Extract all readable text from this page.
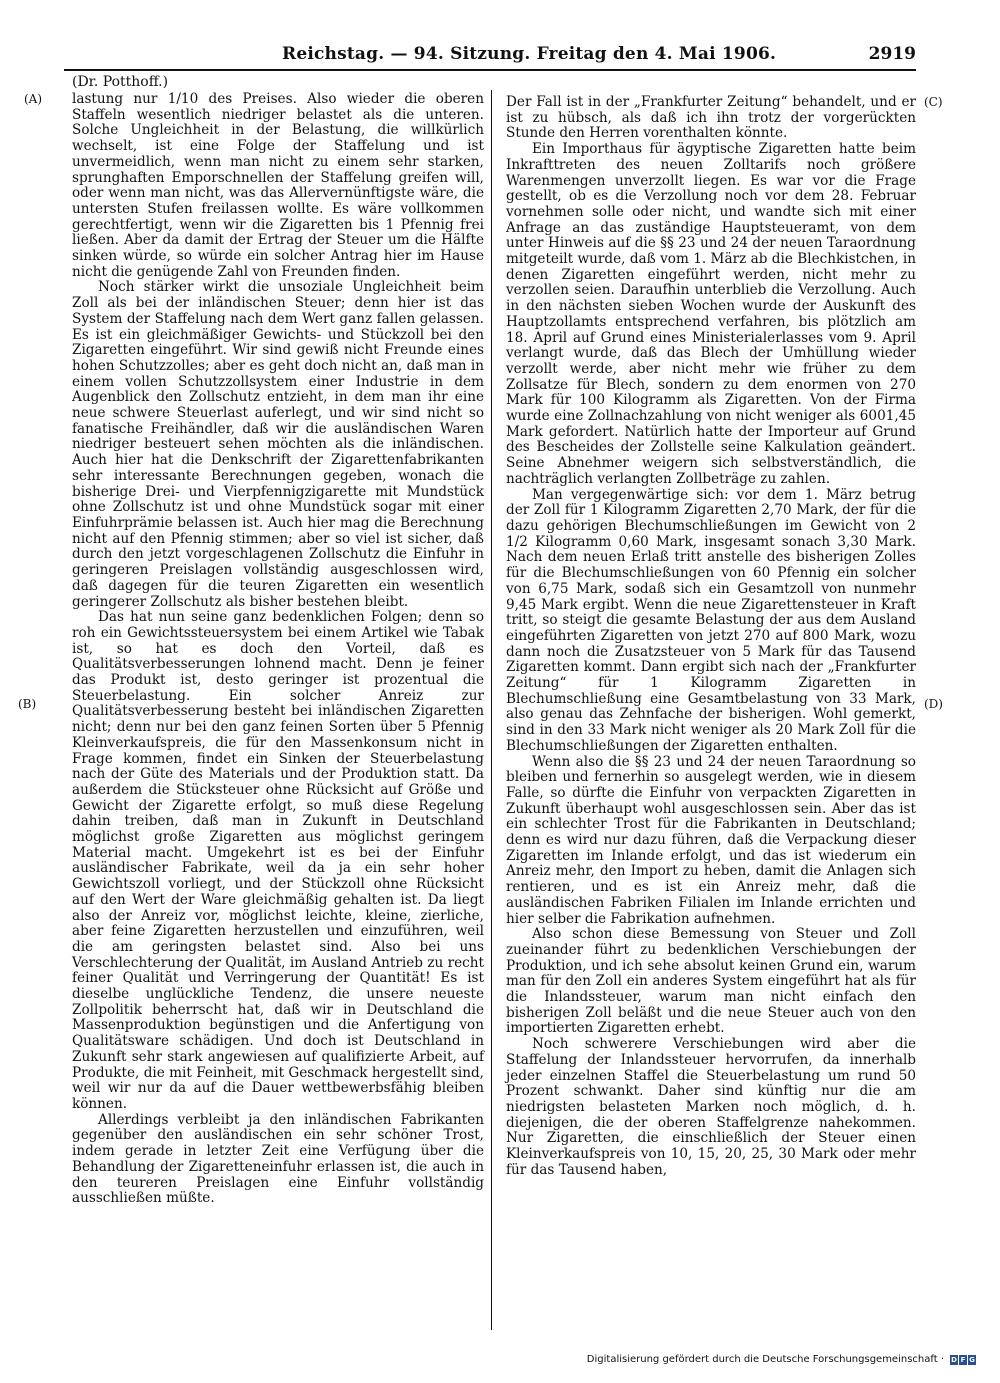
Reichstag. — 94. Sitzung. Freitag den 4. Mai 1906.	2919
(Dr. Potthoff.)
(A)
(B)
(C)
(D)

lastung nur 1/10 des Preises. Also wieder die oberen Staffeln wesentlich niedriger belastet als die unteren. Solche Ungleichheit in der Belastung, die willkürlich wechselt, ist eine Folge der Staffelung und ist unvermeidlich, wenn man nicht zu einem sehr starken, sprunghaften Emporschnellen der Staffelung greifen will, oder wenn man nicht, was das Allervernünftigste wäre, die untersten Stufen freilassen wollte. Es wäre vollkommen gerechtfertigt, wenn wir die Zigaretten bis 1 Pfennig frei ließen. Aber da damit der Ertrag der Steuer um die Hälfte sinken würde, so würde ein solcher Antrag hier im Hause nicht die genügende Zahl von Freunden finden.

Noch stärker wirkt die unsoziale Ungleichheit beim Zoll als bei der inländischen Steuer; denn hier ist das System der Staffelung nach dem Wert ganz fallen gelassen. Es ist ein gleichmäßiger Gewichts- und Stückzoll bei den Zigaretten eingeführt. Wir sind gewiß nicht Freunde eines hohen Schutzzolles; aber es geht doch nicht an, daß man in einem vollen Schutzzollsystem einer Industrie in dem Augenblick den Zollschutz entzieht, in dem man ihr eine neue schwere Steuerlast auferlegt, und wir sind nicht so fanatische Freihändler, daß wir die ausländischen Waren niedriger besteuert sehen möchten als die inländischen. Auch hier hat die Denkschrift der Zigarettenfabrikanten sehr interessante Berechnungen gegeben, wonach die bisherige Drei- und Vierpfennigzigarette mit Mundstück ohne Zollschutz ist und ohne Mundstück sogar mit einer Einfuhrprämie belassen ist. Auch hier mag die Berechnung nicht auf den Pfennig stimmen; aber so viel ist sicher, daß durch den jetzt vorgeschlagenen Zollschutz die Einfuhr in geringeren Preislagen vollständig ausgeschlossen wird, daß dagegen für die teuren Zigaretten ein wesentlich geringerer Zollschutz als bisher bestehen bleibt.

Das hat nun seine ganz bedenklichen Folgen; denn so roh ein Gewichtssteuersystem bei einem Artikel wie Tabak ist, so hat es doch den Vorteil, daß es Qualitätsverbesserungen lohnend macht. Denn je feiner das Produkt ist, desto geringer ist prozentual die Steuerbelastung. Ein solcher Anreiz zur Qualitätsverbesserung besteht bei inländischen Zigaretten nicht; denn nur bei den ganz feinen Sorten über 5 Pfennig Kleinverkaufspreis, die für den Massenkonsum nicht in Frage kommen, findet ein Sinken der Steuerbelastung nach der Güte des Materials und der Produktion statt. Da außerdem die Stücksteuer ohne Rücksicht auf Größe und Gewicht der Zigarette erfolgt, so muß diese Regelung dahin treiben, daß man in Zukunft in Deutschland möglichst große Zigaretten aus möglichst geringem Material macht. Umgekehrt ist es bei der Einfuhr ausländischer Fabrikate, weil da ja ein sehr hoher Gewichtszoll vorliegt, und der Stückzoll ohne Rücksicht auf den Wert der Ware gleichmäßig gehalten ist. Da liegt also der Anreiz vor, möglichst leichte, kleine, zierliche, aber feine Zigaretten herzustellen und einzuführen, weil die am geringsten belastet sind. Also bei uns Verschlechterung der Qualität, im Ausland Antrieb zu recht feiner Qualität und Verringerung der Quantität! Es ist dieselbe unglückliche Tendenz, die unsere neueste Zollpolitik beherrscht hat, daß wir in Deutschland die Massenproduktion begünstigen und die Anfertigung von Qualitätsware schädigen. Und doch ist Deutschland in Zukunft sehr stark angewiesen auf qualifizierte Arbeit, auf Produkte, die mit Feinheit, mit Geschmack hergestellt sind, weil wir nur da auf die Dauer wettbewerbsfähig bleiben können.

Allerdings verbleibt ja den inländischen Fabrikanten gegenüber den ausländischen ein sehr schöner Trost, indem gerade in letzter Zeit eine Verfügung über die Behandlung der Zigaretteneinfuhr erlassen ist, die auch in den teureren Preislagen eine Einfuhr vollständig ausschließen müßte.

Der Fall ist in der „Frankfurter Zeitung“ behandelt, und er ist zu hübsch, als daß ich ihn trotz der vorgerückten Stunde den Herren vorenthalten könnte.

Ein Importhaus für ägyptische Zigaretten hatte beim Inkrafttreten des neuen Zolltarifs noch größere Warenmengen unverzollt liegen. Es war vor die Frage gestellt, ob es die Verzollung noch vor dem 28. Februar vornehmen solle oder nicht, und wandte sich mit einer Anfrage an das zuständige Hauptsteueramt, von dem unter Hinweis auf die §§ 23 und 24 der neuen Taraordnung mitgeteilt wurde, daß vom 1. März ab die Blechkistchen, in denen Zigaretten eingeführt werden, nicht mehr zu verzollen seien. Daraufhin unterblieb die Verzollung. Auch in den nächsten sieben Wochen wurde der Auskunft des Hauptzollamts entsprechend verfahren, bis plötzlich am 18. April auf Grund eines Ministerialerlasses vom 9. April verlangt wurde, daß das Blech der Umhüllung wieder verzollt werde, aber nicht mehr wie früher zu dem Zollsatze für Blech, sondern zu dem enormen von 270 Mark für 100 Kilogramm als Zigaretten. Von der Firma wurde eine Zollnachzahlung von nicht weniger als 6001,45 Mark gefordert. Natürlich hatte der Importeur auf Grund des Bescheides der Zollstelle seine Kalkulation geändert. Seine Abnehmer weigern sich selbstverständlich, die nachträglich verlangten Zollbeträge zu zahlen.

Man vergegenwärtige sich: vor dem 1. März betrug der Zoll für 1 Kilogramm Zigaretten 2,70 Mark, der für die dazu gehörigen Blechumschließungen im Gewicht von 2 1/2 Kilogramm 0,60 Mark, insgesamt sonach 3,30 Mark. Nach dem neuen Erlaß tritt anstelle des bisherigen Zolles für die Blechumschließungen von 60 Pfennig ein solcher von 6,75 Mark, sodaß sich ein Gesamtzoll von nunmehr 9,45 Mark ergibt. Wenn die neue Zigarettensteuer in Kraft tritt, so steigt die gesamte Belastung der aus dem Ausland eingeführten Zigaretten von jetzt 270 auf 800 Mark, wozu dann noch die Zusatzsteuer von 5 Mark für das Tausend Zigaretten kommt. Dann ergibt sich nach der „Frankfurter Zeitung“ für 1 Kilogramm Zigaretten in Blechumschließung eine Gesamtbelastung von 33 Mark, also genau das Zehnfache der bisherigen. Wohl gemerkt, sind in den 33 Mark nicht weniger als 20 Mark Zoll für die Blechumschließungen der Zigaretten enthalten.

Wenn also die §§ 23 und 24 der neuen Taraordnung so bleiben und fernerhin so ausgelegt werden, wie in diesem Falle, so dürfte die Einfuhr von verpackten Zigaretten in Zukunft überhaupt wohl ausgeschlossen sein. Aber das ist ein schlechter Trost für die Fabrikanten in Deutschland; denn es wird nur dazu führen, daß die Verpackung dieser Zigaretten im Inlande erfolgt, und das ist wiederum ein Anreiz mehr, den Import zu heben, damit die Anlagen sich rentieren, und es ist ein Anreiz mehr, daß die ausländischen Fabriken Filialen im Inlande errichten und hier selber die Fabrikation aufnehmen.

Also schon diese Bemessung von Steuer und Zoll zueinander führt zu bedenklichen Verschiebungen der Produktion, und ich sehe absolut keinen Grund ein, warum man für den Zoll ein anderes System eingeführt hat als für die Inlandssteuer, warum man nicht einfach den bisherigen Zoll beläßt und die neue Steuer auch von den importierten Zigaretten erhebt.

Noch schwerere Verschiebungen wird aber die Staffelung der Inlandssteuer hervorrufen, da innerhalb jeder einzelnen Staffel die Steuerbelastung um rund 50 Prozent schwankt. Daher sind künftig nur die am niedrigsten belasteten Marken noch möglich, d. h. diejenigen, die der oberen Staffelgrenze nahekommen. Nur Zigaretten, die einschließlich der Steuer einen Kleinverkaufspreis von 10, 15, 20, 25, 30 Mark oder mehr für das Tausend haben,

Digitalisierung gefördert durch die Deutsche Forschungsgemeinschaft · D F G
